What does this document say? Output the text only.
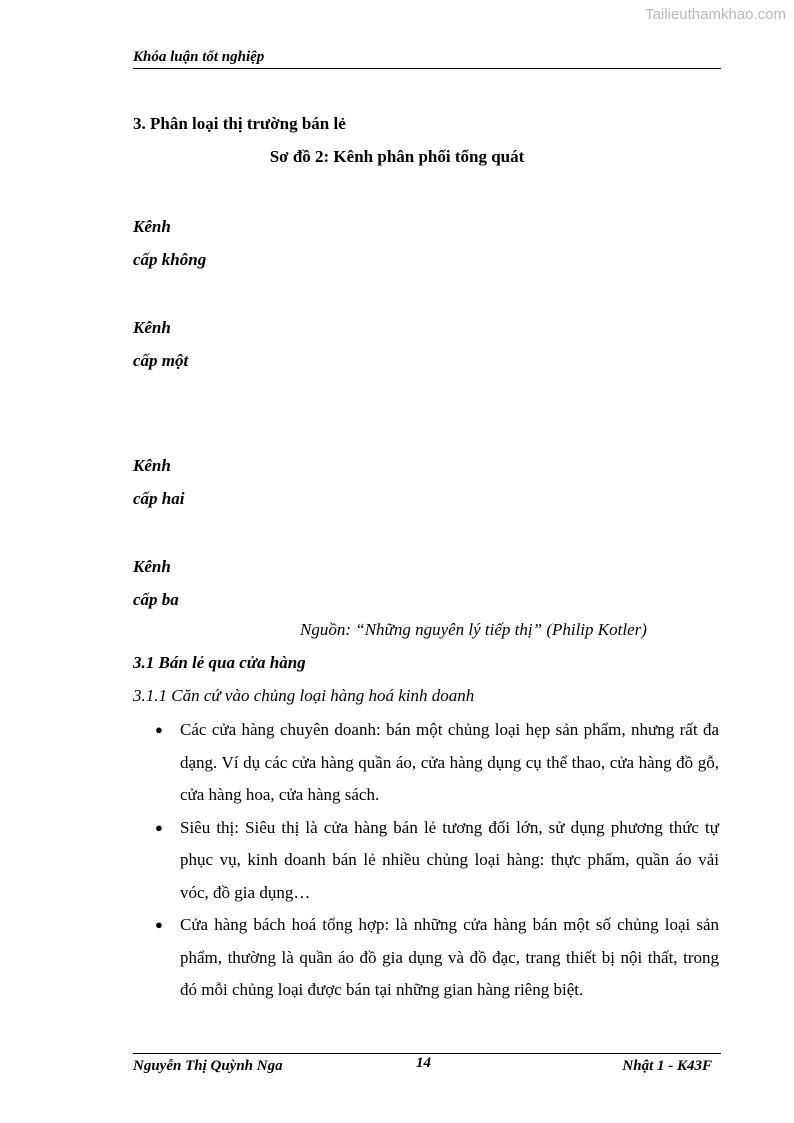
Tailieuthamkhao.com
Khóa luận tốt nghiệp
3. Phân loại thị trường bán lẻ
Sơ đồ 2: Kênh phân phối tổng quát
Kênh
cấp không
Kênh
cấp một
Kênh
cấp hai
Kênh
cấp ba
Nguồn: “Những nguyên lý tiếp thị” (Philip Kotler)
3.1 Bán lẻ qua cửa hàng
3.1.1 Căn cứ vào chủng loại hàng hoá kinh doanh
● Các cửa hàng chuyên doanh: bán một chủng loại hẹp sản phẩm, nhưng rất đa dạng. Ví dụ các cửa hàng quần áo, cửa hàng dụng cụ thể thao, cửa hàng đồ gỗ, cửa hàng hoa, cửa hàng sách.
● Siêu thị: Siêu thị là cửa hàng bán lẻ tương đối lớn, sử dụng phương thức tự phục vụ, kinh doanh bán lẻ nhiều chủng loại hàng: thực phẩm, quần áo vải vóc, đồ gia dụng…
● Cửa hàng bách hoá tổng hợp: là những cửa hàng bán một số chủng loại sản phẩm, thường là quần áo đồ gia dụng và đồ đạc, trang thiết bị nội thất, trong đó mỗi chủng loại được bán tại những gian hàng riêng biệt.
Nguyễn Thị Quỳnh Nga	14	Nhật 1 - K43F
